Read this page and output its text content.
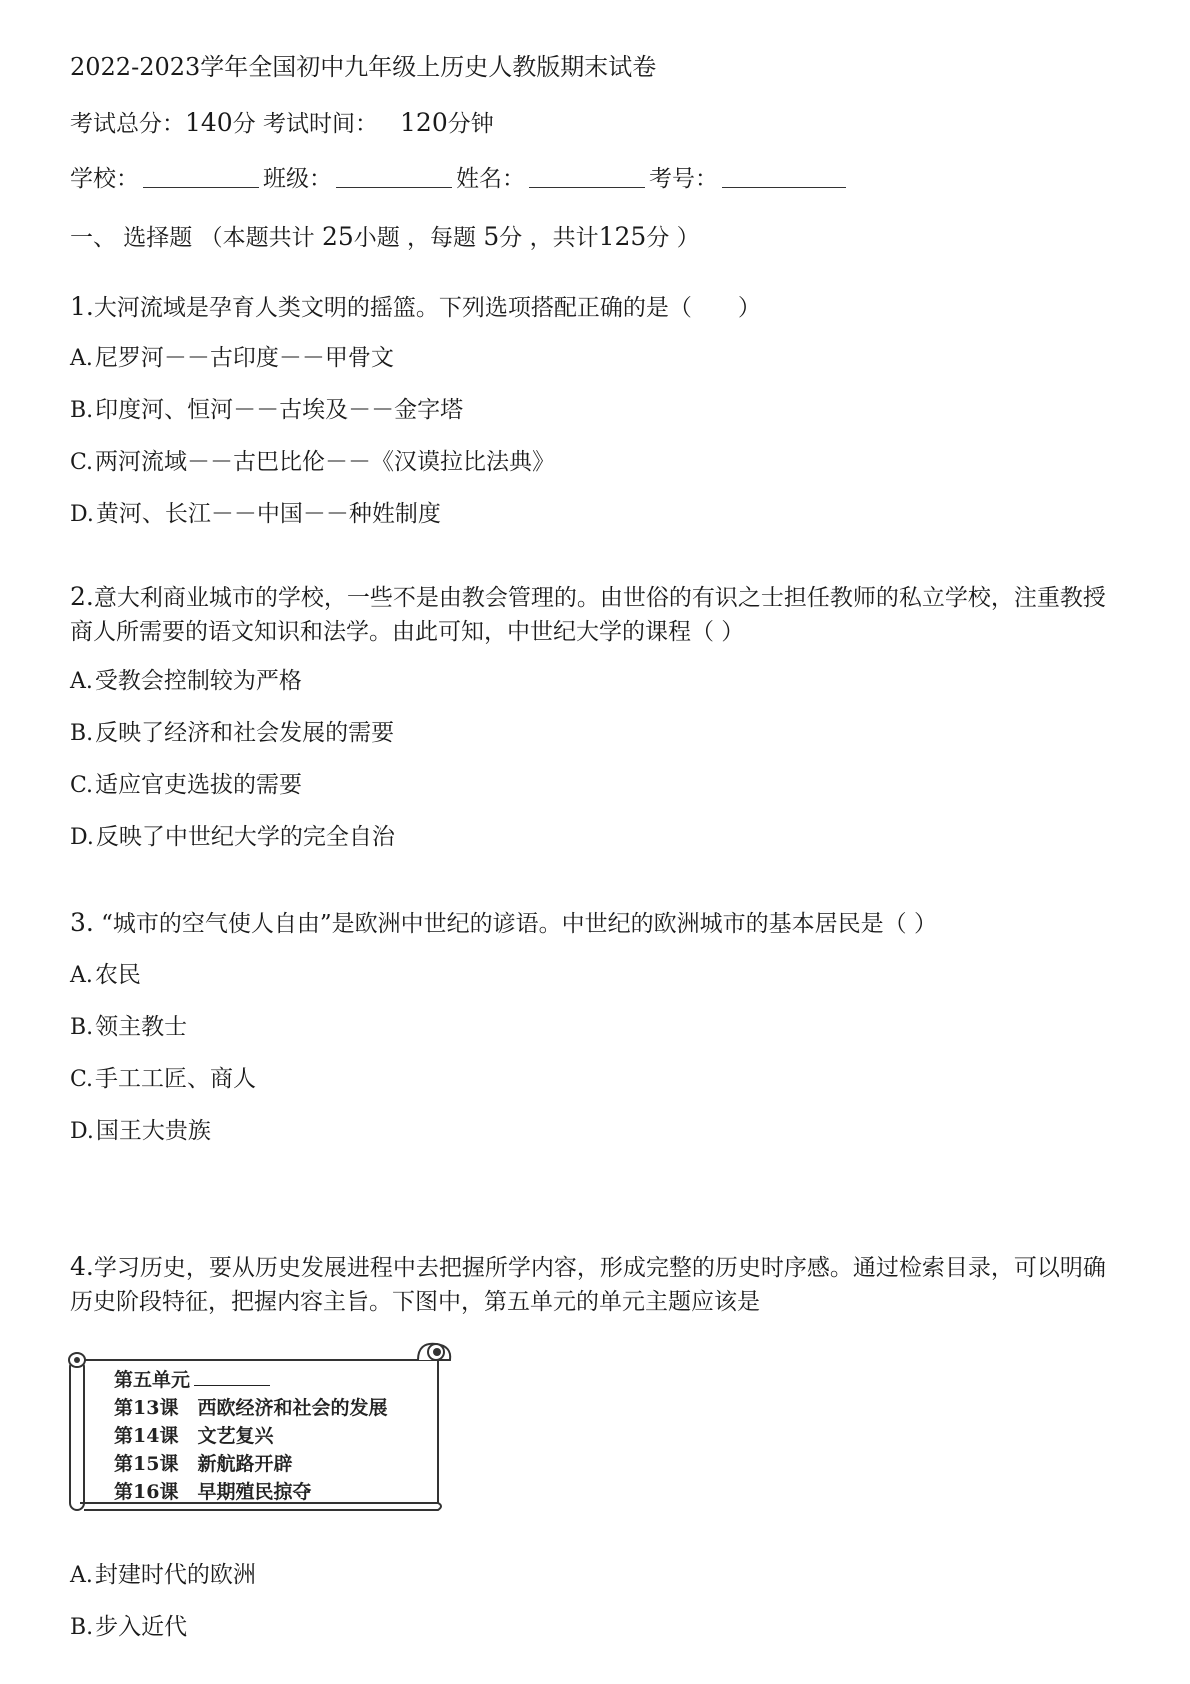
2022-2023学年全国初中九年级上历史人教版期末试卷
考试总分：140分 考试时间： 120分钟
学校：	班级：	姓名：	考号：
一、 选择题 （本题共计 25小题 ，每题 5分 ，共计125分 ）
1.大河流域是孕育人类文明的摇篮。下列选项搭配正确的是（　　）
A.尼罗河－－古印度－－甲骨文
B.印度河、恒河－－古埃及－－金字塔
C.两河流域－－古巴比伦－－《汉谟拉比法典》
D.黄河、长江－－中国－－种姓制度
2.意大利商业城市的学校，一些不是由教会管理的。由世俗的有识之士担任教师的私立学校，注重教授商人所需要的语文知识和法学。由此可知，中世纪大学的课程（ ）
A.受教会控制较为严格
B.反映了经济和社会发展的需要
C.适应官吏选拔的需要
D.反映了中世纪大学的完全自治
3. “城市的空气使人自由”是欧洲中世纪的谚语。中世纪的欧洲城市的基本居民是（ ）
A.农民
B.领主教士
C.手工工匠、商人
D.国王大贵族
4.学习历史，要从历史发展进程中去把握所学内容，形成完整的历史时序感。通过检索目录，可以明确历史阶段特征，把握内容主旨。下图中，第五单元的单元主题应该是
第五单元
第13课　西欧经济和社会的发展
第14课　文艺复兴
第15课　新航路开辟
第16课　早期殖民掠夺
A.封建时代的欧洲
B.步入近代
